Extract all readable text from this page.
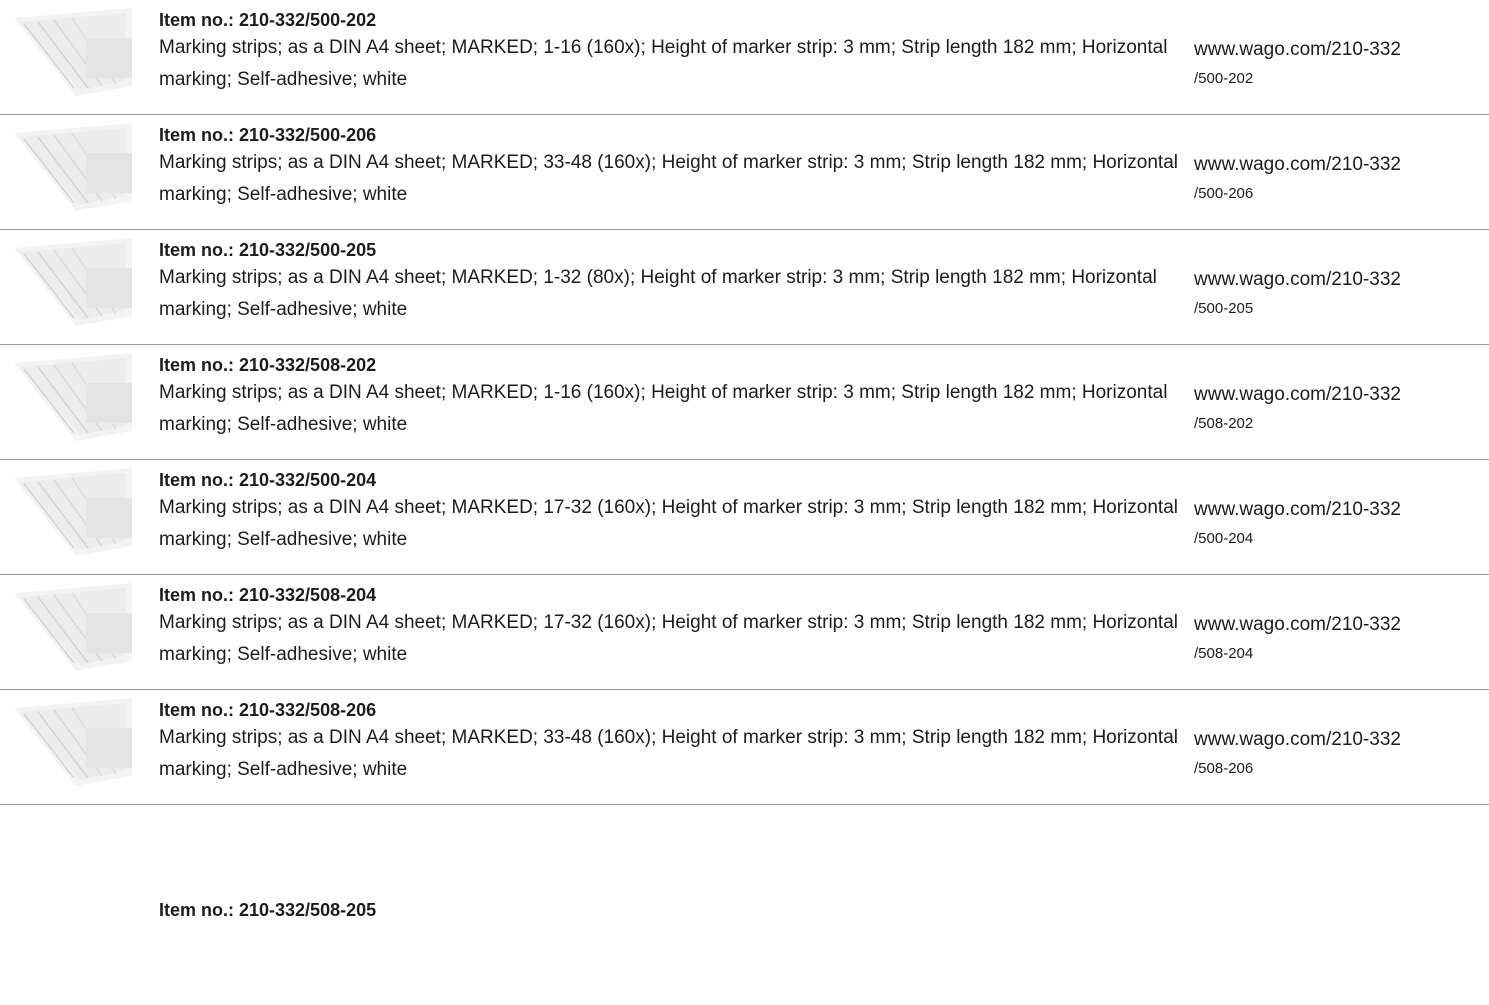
Item no.: 210-332/500-202
Marking strips; as a DIN A4 sheet; MARKED; 1-16 (160x); Height of marker strip: 3 mm; Strip length 182 mm; Horizontal marking; Self-adhesive; white
www.wago.com/210-332
/500-202
Item no.: 210-332/500-206
Marking strips; as a DIN A4 sheet; MARKED; 33-48 (160x); Height of marker strip: 3 mm; Strip length 182 mm; Horizontal marking; Self-adhesive; white
www.wago.com/210-332
/500-206
Item no.: 210-332/500-205
Marking strips; as a DIN A4 sheet; MARKED; 1-32 (80x); Height of marker strip: 3 mm; Strip length 182 mm; Horizontal marking; Self-adhesive; white
www.wago.com/210-332
/500-205
Item no.: 210-332/508-202
Marking strips; as a DIN A4 sheet; MARKED; 1-16 (160x); Height of marker strip: 3 mm; Strip length 182 mm; Horizontal marking; Self-adhesive; white
www.wago.com/210-332
/508-202
Item no.: 210-332/500-204
Marking strips; as a DIN A4 sheet; MARKED; 17-32 (160x); Height of marker strip: 3 mm; Strip length 182 mm; Horizontal marking; Self-adhesive; white
www.wago.com/210-332
/500-204
Item no.: 210-332/508-204
Marking strips; as a DIN A4 sheet; MARKED; 17-32 (160x); Height of marker strip: 3 mm; Strip length 182 mm; Horizontal marking; Self-adhesive; white
www.wago.com/210-332
/508-204
Item no.: 210-332/508-206
Marking strips; as a DIN A4 sheet; MARKED; 33-48 (160x); Height of marker strip: 3 mm; Strip length 182 mm; Horizontal marking; Self-adhesive; white
www.wago.com/210-332
/508-206
Item no.: 210-332/508-205
